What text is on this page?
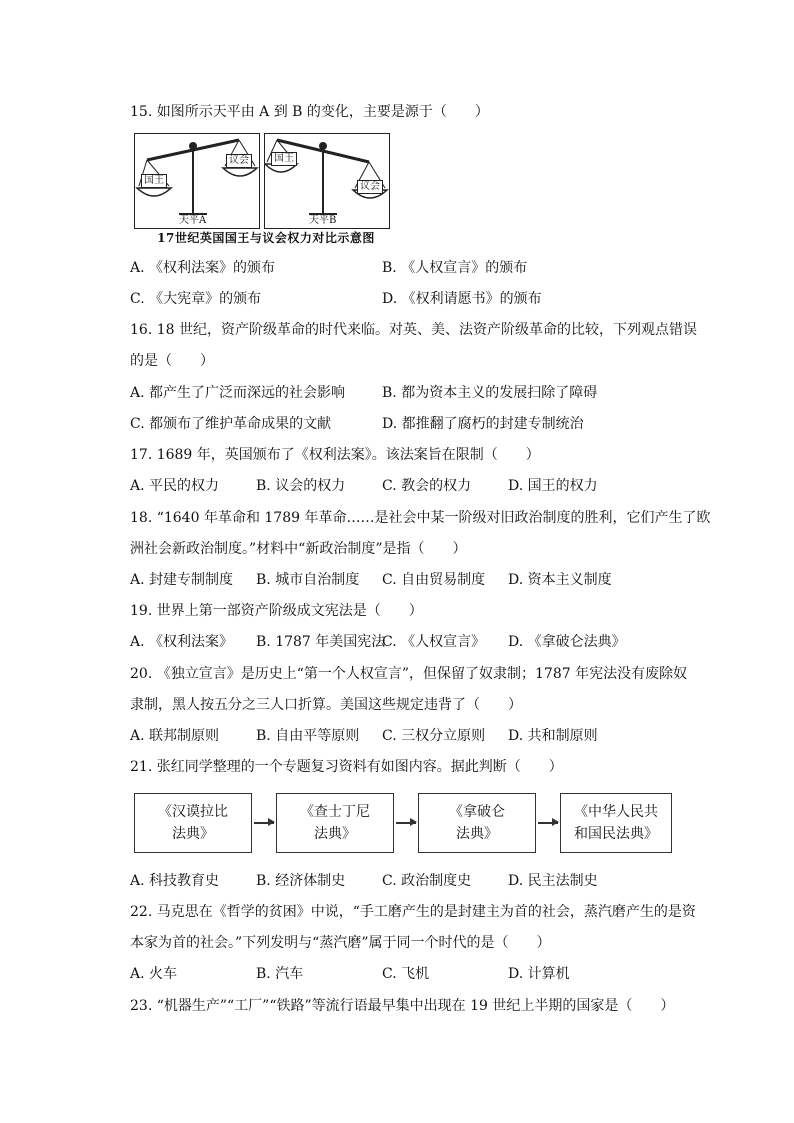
15. 如图所示天平由 A 到 B 的变化，主要是源于（　　）
国王
议会
天平A
国王
议会
天平B
17世纪英国国王与议会权力对比示意图
A. 《权利法案》的颁布	B. 《人权宣言》的颁布
C. 《大宪章》的颁布	D. 《权利请愿书》的颁布
16. 18 世纪，资产阶级革命的时代来临。对英、美、法资产阶级革命的比较，下列观点错误
的是（　　）
A. 都产生了广泛而深远的社会影响	B. 都为资本主义的发展扫除了障碍
C. 都颁布了维护革命成果的文献	D. 都推翻了腐朽的封建专制统治
17. 1689 年，英国颁布了《权利法案》。该法案旨在限制（　　）
A. 平民的权力	B. 议会的权力	C. 教会的权力	D. 国王的权力
18. “1640 年革命和 1789 年革命……是社会中某一阶级对旧政治制度的胜利，它们产生了欧
洲社会新政治制度。”材料中“新政治制度”是指（　　）
A. 封建专制制度 B. 城市自治制度 C. 自由贸易制度 D. 资本主义制度
19. 世界上第一部资产阶级成文宪法是（　　）
A. 《权利法案》 B. 1787 年美国宪法
C. 《人权宣言》 D. 《拿破仑法典》
20. 《独立宣言》是历史上“第一个人权宣言”，但保留了奴隶制；1787 年宪法没有废除奴
隶制，黑人按五分之三人口折算。美国这些规定违背了（　　）
A. 联邦制原则	B. 自由平等原则 C. 三权分立原则 D. 共和制原则
21. 张红同学整理的一个专题复习资料有如图内容。据此判断（　　）
《汉谟拉比
法典》
《查士丁尼
法典》
《拿破仑
法典》
《中华人民共
和国民法典》
A. 科技教育史	B. 经济体制史	C. 政治制度史	D. 民主法制史
22. 马克思在《哲学的贫困》中说，“手工磨产生的是封建主为首的社会，蒸汽磨产生的是资
本家为首的社会。”下列发明与“蒸汽磨”属于同一个时代的是（　　）
A. 火车	B. 汽车	C. 飞机	D. 计算机
23. “机器生产”“工厂”“铁路”等流行语最早集中出现在 19 世纪上半期的国家是（　　）
